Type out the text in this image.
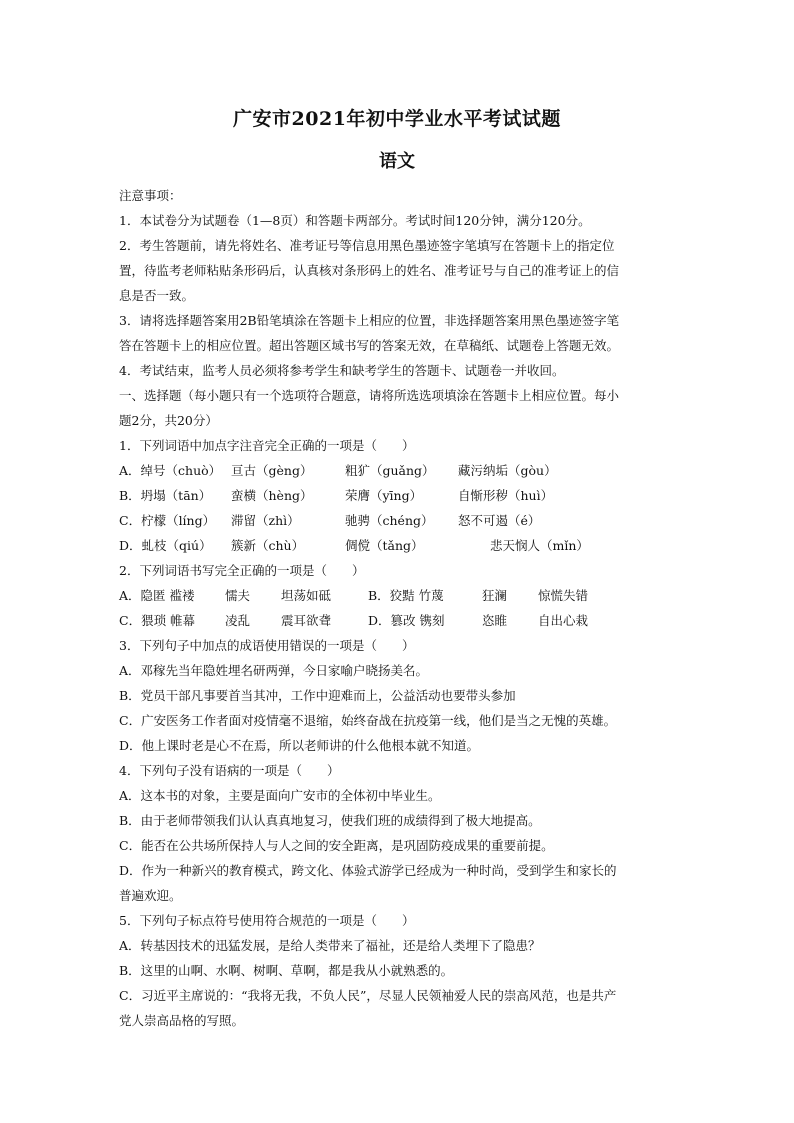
广安市2021年初中学业水平考试试题
语文
注意事项：
1．本试卷分为试题卷（1—8页）和答题卡两部分。考试时间120分钟，满分120分。
2．考生答题前，请先将姓名、准考证号等信息用黑色墨迹签字笔填写在答题卡上的指定位
置，待监考老师粘贴条形码后，认真核对条形码上的姓名、准考证号与自己的准考证上的信
息是否一致。
3．请将选择题答案用2B铅笔填涂在答题卡上相应的位置，非选择题答案用黑色墨迹签字笔
答在答题卡上的相应位置。超出答题区域书写的答案无效，在草稿纸、试题卷上答题无效。
4．考试结束，监考人员必须将参考学生和缺考学生的答题卡、试题卷一并收回。
一、选择题（每小题只有一个选项符合题意，请将所选选项填涂在答题卡上相应位置。每小
题2分，共20分）
1．下列词语中加点字注音完全正确的一项是（　　）
A．绰号（chuò） 亘古（gèng）	粗犷（guǎng）	藏污纳垢（gòu）
B．坍塌（tān）	蛮横（hèng）	荣膺（yīng）	自惭形秽（huì）
C．柠檬（líng）	滞留（zhì）	驰骋（chéng）	怒不可遏（é）
D．虬枝（qiú）	簇新（chù）	倜傥（tǎng）	悲天悯人（mǐn）
2．下列词语书写完全正确的一项是（　　）
A．隐匿 褴褛	懦夫	坦荡如砥	B．狡黠 竹蔑	狂澜	惊慌失错
C．猥琐 帷幕	凌乱	震耳欲聋	D．篡改 镌刻	恣睢	自出心栽
3．下列句子中加点的成语使用错误的一项是（　　）
A．邓稼先当年隐姓埋名研两弹，今日家喻户晓扬美名。
B．党员干部凡事要首当其冲，工作中迎难而上，公益活动也要带头参加
C．广安医务工作者面对疫情毫不退缩，始终奋战在抗疫第一线，他们是当之无愧的英雄。
D．他上课时老是心不在焉，所以老师讲的什么他根本就不知道。
4．下列句子没有语病的一项是（　　）
A．这本书的对象，主要是面向广安市的全体初中毕业生。
B．由于老师带领我们认认真真地复习，使我们班的成绩得到了极大地提高。
C．能否在公共场所保持人与人之间的安全距离，是巩固防疫成果的重要前提。
D．作为一种新兴的教育模式，跨文化、体验式游学已经成为一种时尚，受到学生和家长的
普遍欢迎。
5．下列句子标点符号使用符合规范的一项是（　　）
A．转基因技术的迅猛发展，是给人类带来了福祉，还是给人类埋下了隐患？
B．这里的山啊、水啊、树啊、草啊，都是我从小就熟悉的。
C．习近平主席说的：“我将无我，不负人民”，尽显人民领袖爱人民的崇高风范，也是共产
党人崇高品格的写照。
